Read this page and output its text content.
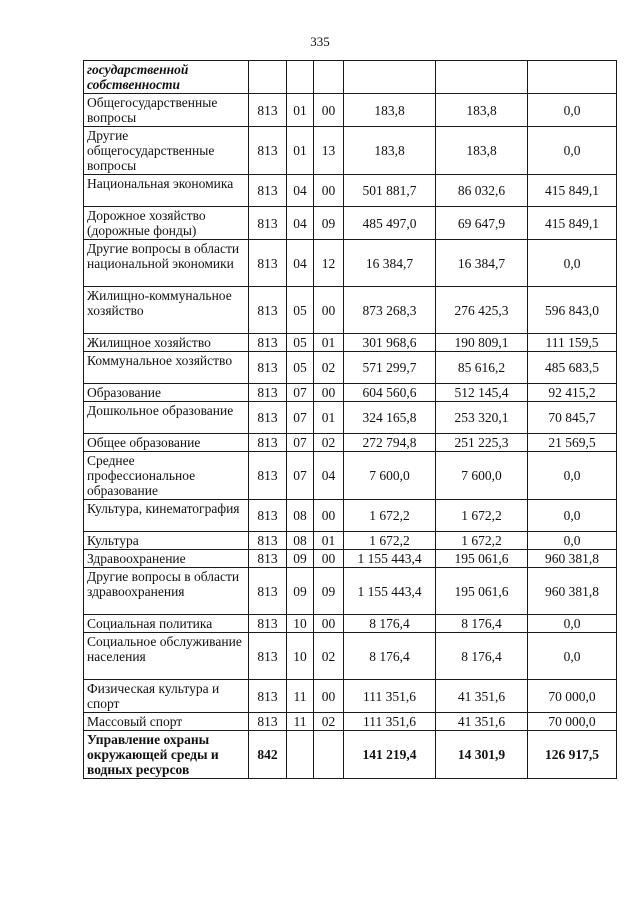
335
государственной собственности						
Общегосударственные вопросы	813	01	00	183,8	183,8	0,0
Другие общегосударственные вопросы	813	01	13	183,8	183,8	0,0
Национальная экономика	813	04	00	501 881,7	86 032,6	415 849,1
Дорожное хозяйство (дорожные фонды)	813	04	09	485 497,0	69 647,9	415 849,1
Другие вопросы в области национальной экономики	813	04	12	16 384,7	16 384,7	0,0
Жилищно-коммунальное хозяйство	813	05	00	873 268,3	276 425,3	596 843,0
Жилищное хозяйство	813	05	01	301 968,6	190 809,1	111 159,5
Коммунальное хозяйство	813	05	02	571 299,7	85 616,2	485 683,5
Образование	813	07	00	604 560,6	512 145,4	92 415,2
Дошкольное образование	813	07	01	324 165,8	253 320,1	70 845,7
Общее образование	813	07	02	272 794,8	251 225,3	21 569,5
Среднее профессиональное образование	813	07	04	7 600,0	7 600,0	0,0
Культура, кинематография	813	08	00	1 672,2	1 672,2	0,0
Культура	813	08	01	1 672,2	1 672,2	0,0
Здравоохранение	813	09	00	1 155 443,4	195 061,6	960 381,8
Другие вопросы в области здравоохранения	813	09	09	1 155 443,4	195 061,6	960 381,8
Социальная политика	813	10	00	8 176,4	8 176,4	0,0
Социальное обслуживание населения	813	10	02	8 176,4	8 176,4	0,0
Физическая культура и спорт	813	11	00	111 351,6	41 351,6	70 000,0
Массовый спорт	813	11	02	111 351,6	41 351,6	70 000,0
Управление охраны окружающей среды и водных ресурсов	842			141 219,4	14 301,9	126 917,5
